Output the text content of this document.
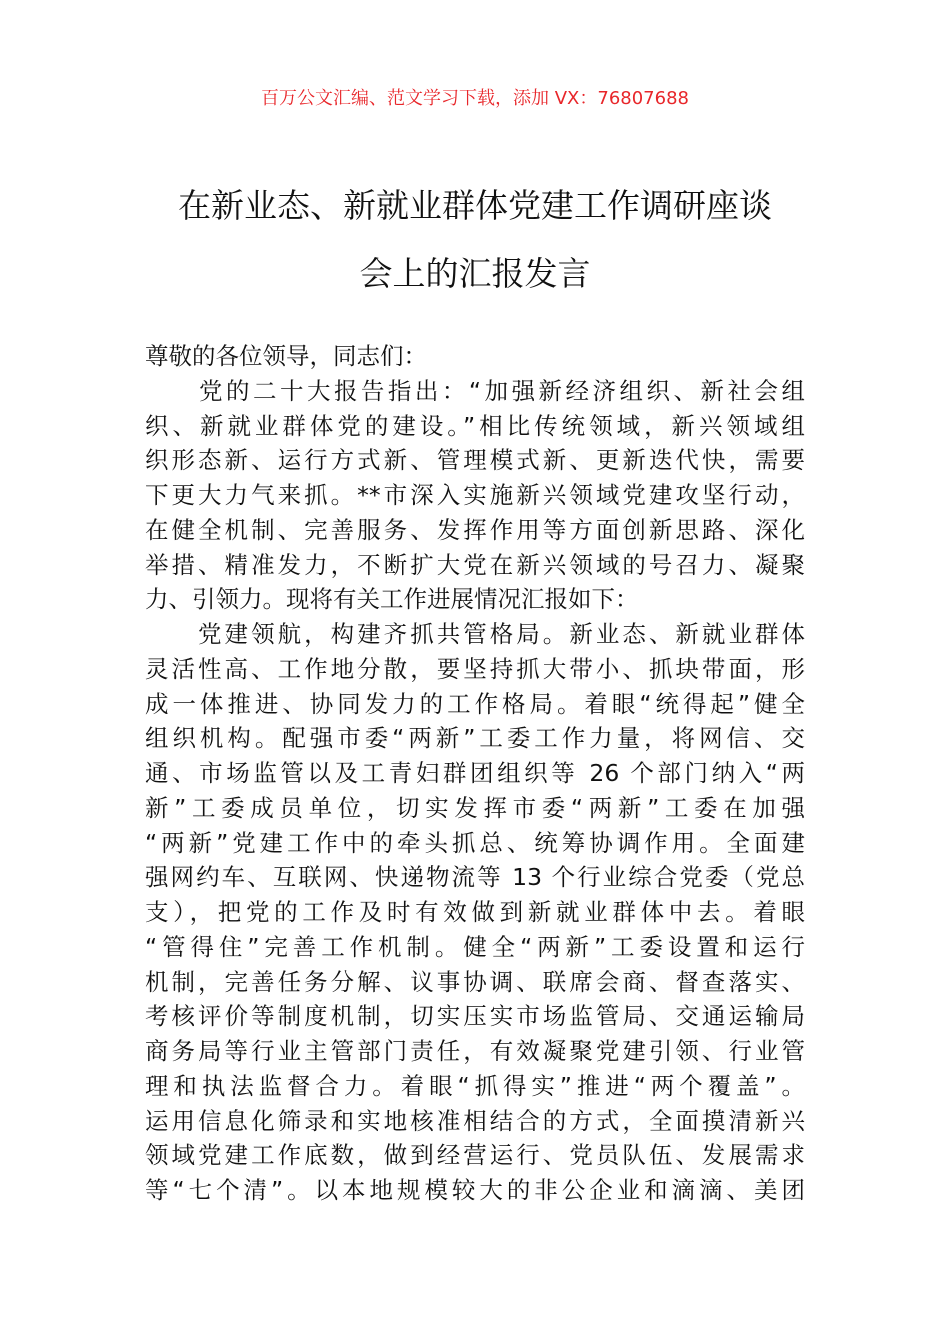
百万公文汇编、范文学习下载，添加 VX：76807688
在新业态、新就业群体党建工作调研座谈
会上的汇报发言
尊敬的各位领导，同志们：
　　党的二十大报告指出：“加强新经济组织、新社会组
织、新就业群体党的建设。”相比传统领域，新兴领域组
织形态新、运行方式新、管理模式新、更新迭代快，需要
下更大力气来抓。**市深入实施新兴领域党建攻坚行动，
在健全机制、完善服务、发挥作用等方面创新思路、深化
举措、精准发力，不断扩大党在新兴领域的号召力、凝聚
力、引领力。现将有关工作进展情况汇报如下：
　　党建领航，构建齐抓共管格局。新业态、新就业群体
灵活性高、工作地分散，要坚持抓大带小、抓块带面，形
成一体推进、协同发力的工作格局。着眼“统得起”健全
组织机构。配强市委“两新”工委工作力量，将网信、交
通、市场监管以及工青妇群团组织等 26 个部门纳入“两
新”工委成员单位，切实发挥市委“两新”工委在加强
“两新”党建工作中的牵头抓总、统筹协调作用。全面建
强网约车、互联网、快递物流等 13 个行业综合党委（党总
支），把党的工作及时有效做到新就业群体中去。着眼
“管得住”完善工作机制。健全“两新”工委设置和运行
机制，完善任务分解、议事协调、联席会商、督查落实、
考核评价等制度机制，切实压实市场监管局、交通运输局
商务局等行业主管部门责任，有效凝聚党建引领、行业管
理和执法监督合力。着眼“抓得实”推进“两个覆盖”。
运用信息化筛录和实地核准相结合的方式，全面摸清新兴
领域党建工作底数，做到经营运行、党员队伍、发展需求
等“七个清”。以本地规模较大的非公企业和滴滴、美团
